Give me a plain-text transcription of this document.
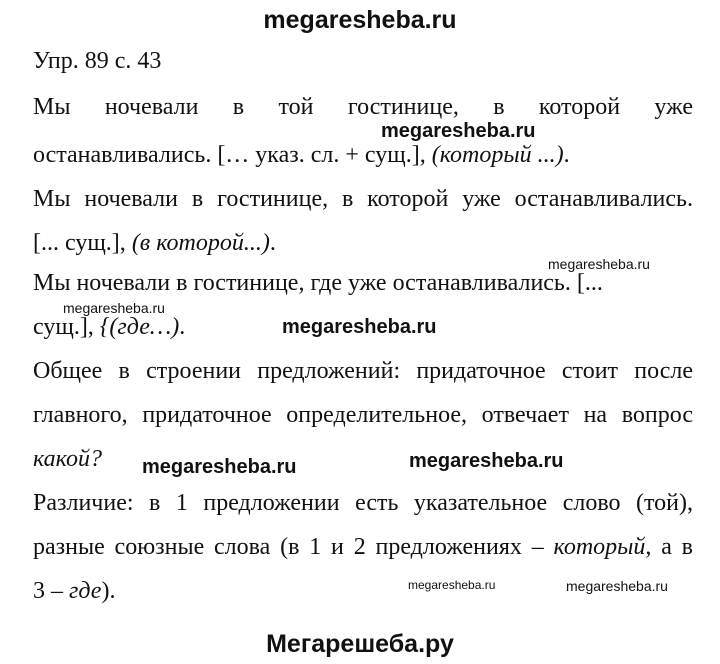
megaresheba.ru
Упр. 89 с. 43
Мы ночевали в той гостинице, в которой уже
останавливались. [… указ. сл. + сущ.], (который ...).
Мы ночевали в гостинице, в которой уже останавливались.
[... сущ.], (в которой...).
Мы ночевали в гостинице, где уже останавливались. [...
сущ.], {(где…).
Общее в строении предложений: придаточное стоит после
главного, придаточное определительное, отвечает на вопрос
какой?
Различие: в 1 предложении есть указательное слово (той),
разные союзные слова (в 1 и 2 предложениях – который, а в
3 – где).
megaresheba.ru
megaresheba.ru
megaresheba.ru
megaresheba.ru
megaresheba.ru	megaresheba.ru
megaresheba.ru	megaresheba.ru
Мегарешеба.ру
